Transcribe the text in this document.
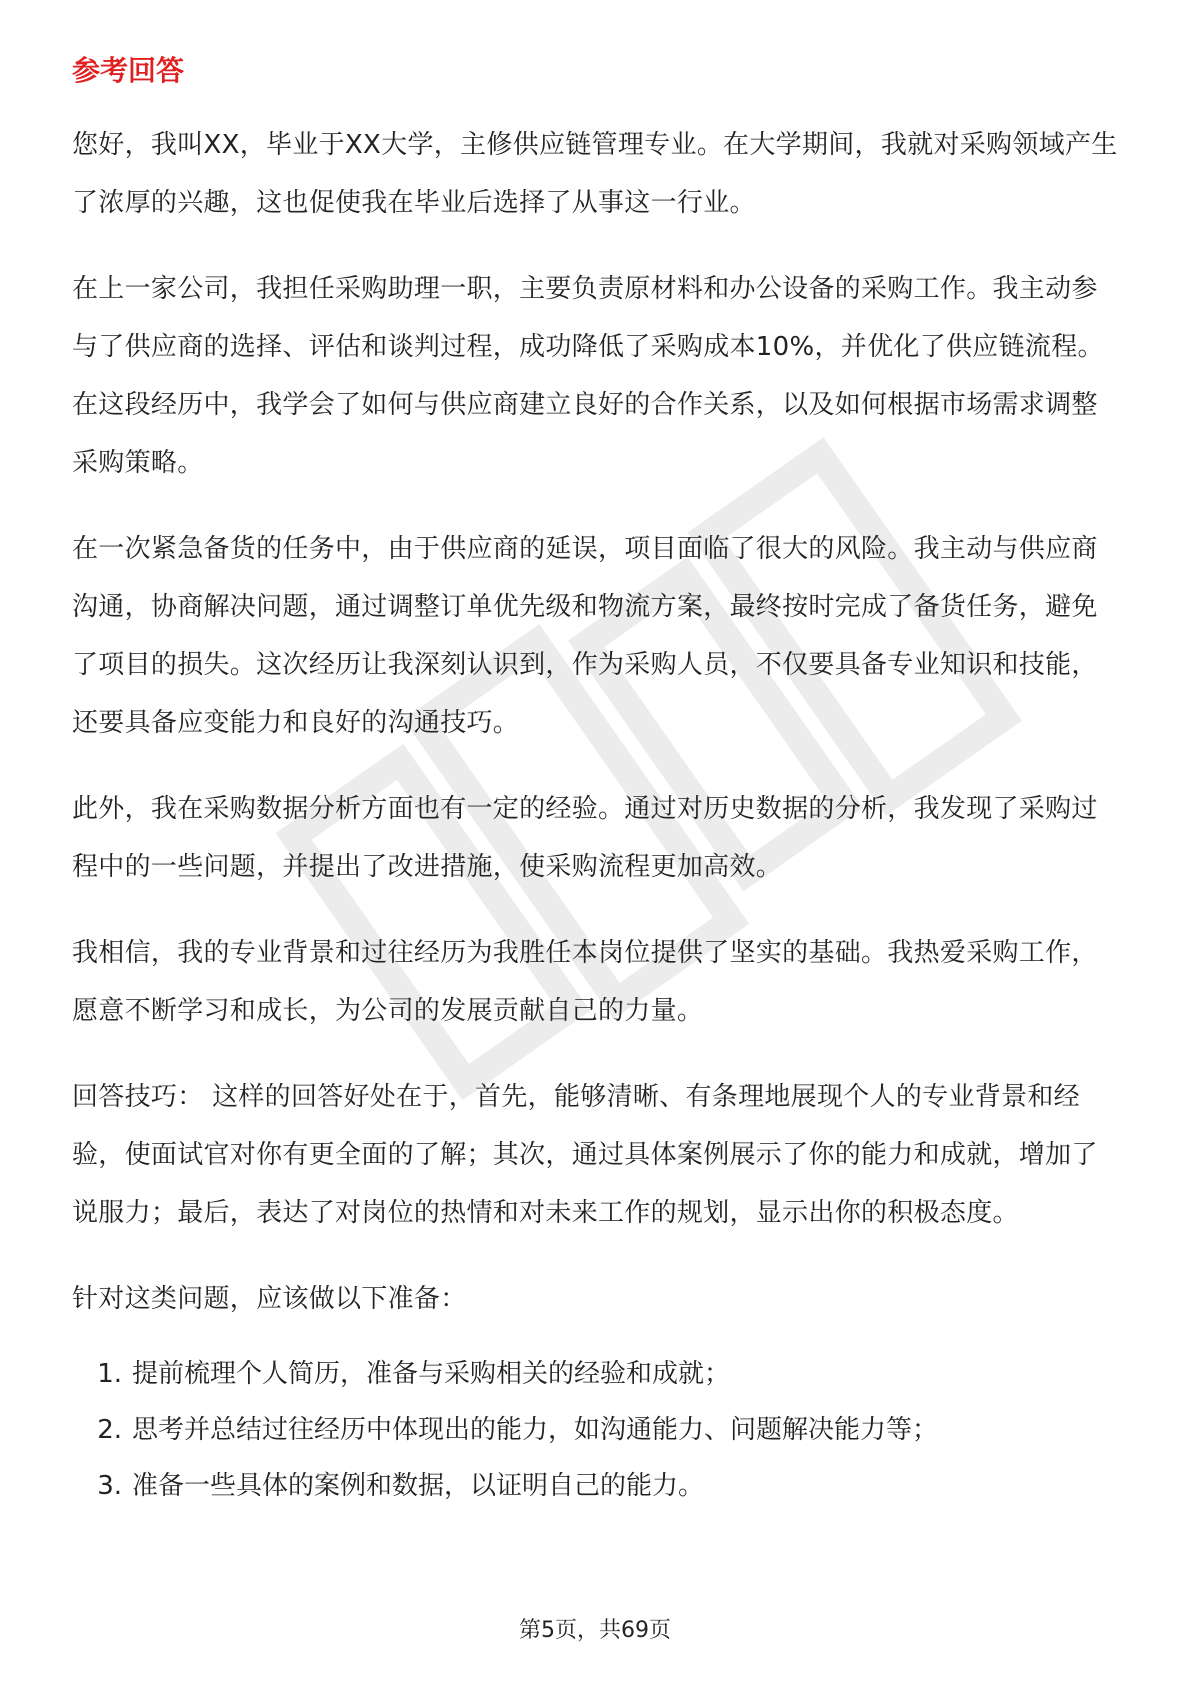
参考回答

您好，我叫XX，毕业于XX大学，主修供应链管理专业。在大学期间，我就对采购领域产生了浓厚的兴趣，这也促使我在毕业后选择了从事这一行业。

在上一家公司，我担任采购助理一职，主要负责原材料和办公设备的采购工作。我主动参与了供应商的选择、评估和谈判过程，成功降低了采购成本10%，并优化了供应链流程。在这段经历中，我学会了如何与供应商建立良好的合作关系，以及如何根据市场需求调整采购策略。

在一次紧急备货的任务中，由于供应商的延误，项目面临了很大的风险。我主动与供应商沟通，协商解决问题，通过调整订单优先级和物流方案，最终按时完成了备货任务，避免了项目的损失。这次经历让我深刻认识到，作为采购人员，不仅要具备专业知识和技能，还要具备应变能力和良好的沟通技巧。

此外，我在采购数据分析方面也有一定的经验。通过对历史数据的分析，我发现了采购过程中的一些问题，并提出了改进措施，使采购流程更加高效。

我相信，我的专业背景和过往经历为我胜任本岗位提供了坚实的基础。我热爱采购工作，愿意不断学习和成长，为公司的发展贡献自己的力量。

回答技巧： 这样的回答好处在于，首先，能够清晰、有条理地展现个人的专业背景和经验，使面试官对你有更全面的了解；其次，通过具体案例展示了你的能力和成就，增加了说服力；最后，表达了对岗位的热情和对未来工作的规划，显示出你的积极态度。

针对这类问题，应该做以下准备：

1. 提前梳理个人简历，准备与采购相关的经验和成就；
2. 思考并总结过往经历中体现出的能力，如沟通能力、问题解决能力等；
3. 准备一些具体的案例和数据，以证明自己的能力。
第5页，共69页
